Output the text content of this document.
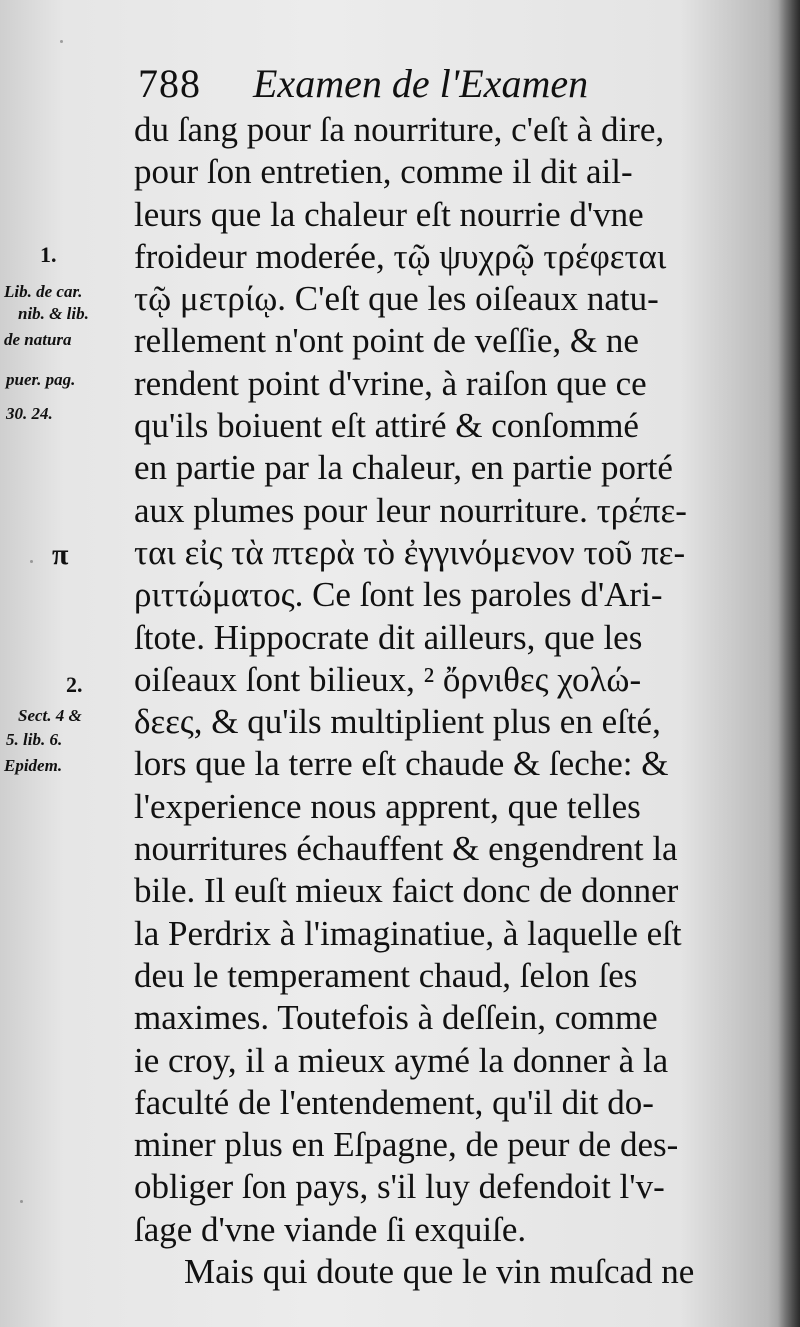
788 Examen de l'Examen
1.
Lib. de car.
nib. & lib.
de natura
puer. pag.
30. 24.
π
2.
Sect. 4 &
5. lib. 6.
Epidem.
du ſang pour ſa nourriture, c'eſt à dire,
pour ſon entretien, comme il dit ail-
leurs que la chaleur eſt nourrie d'vne
froideur moderée, τῷ ψυχρῷ τρέφεται
τῷ μετρίῳ. C'eſt que les oiſeaux natu-
rellement n'ont point de veſſie, & ne
rendent point d'vrine, à raiſon que ce
qu'ils boiuent eſt attiré & conſommé
en partie par la chaleur, en partie porté
aux plumes pour leur nourriture. τρέπε-
ται εἰς τὰ πτερὰ τὸ ἐγγινόμενον τοῦ πε-
ριττώματος. Ce ſont les paroles d'Ari-
ſtote. Hippocrate dit ailleurs, que les
oiſeaux ſont bilieux, ² ὄρνιθες χολώ-
δεες, & qu'ils multiplient plus en eſté,
lors que la terre eſt chaude & ſeche: &
l'experience nous apprent, que telles
nourritures échauffent & engendrent la
bile. Il euſt mieux faict donc de donner
la Perdrix à l'imaginatiue, à laquelle eſt
deu le temperament chaud, ſelon ſes
maximes. Toutefois à deſſein, comme
ie croy, il a mieux aymé la donner à la
faculté de l'entendement, qu'il dit do-
miner plus en Eſpagne, de peur de des-
obliger ſon pays, s'il luy defendoit l'v-
ſage d'vne viande ſi exquiſe.
Mais qui doute que le vin muſcad ne
